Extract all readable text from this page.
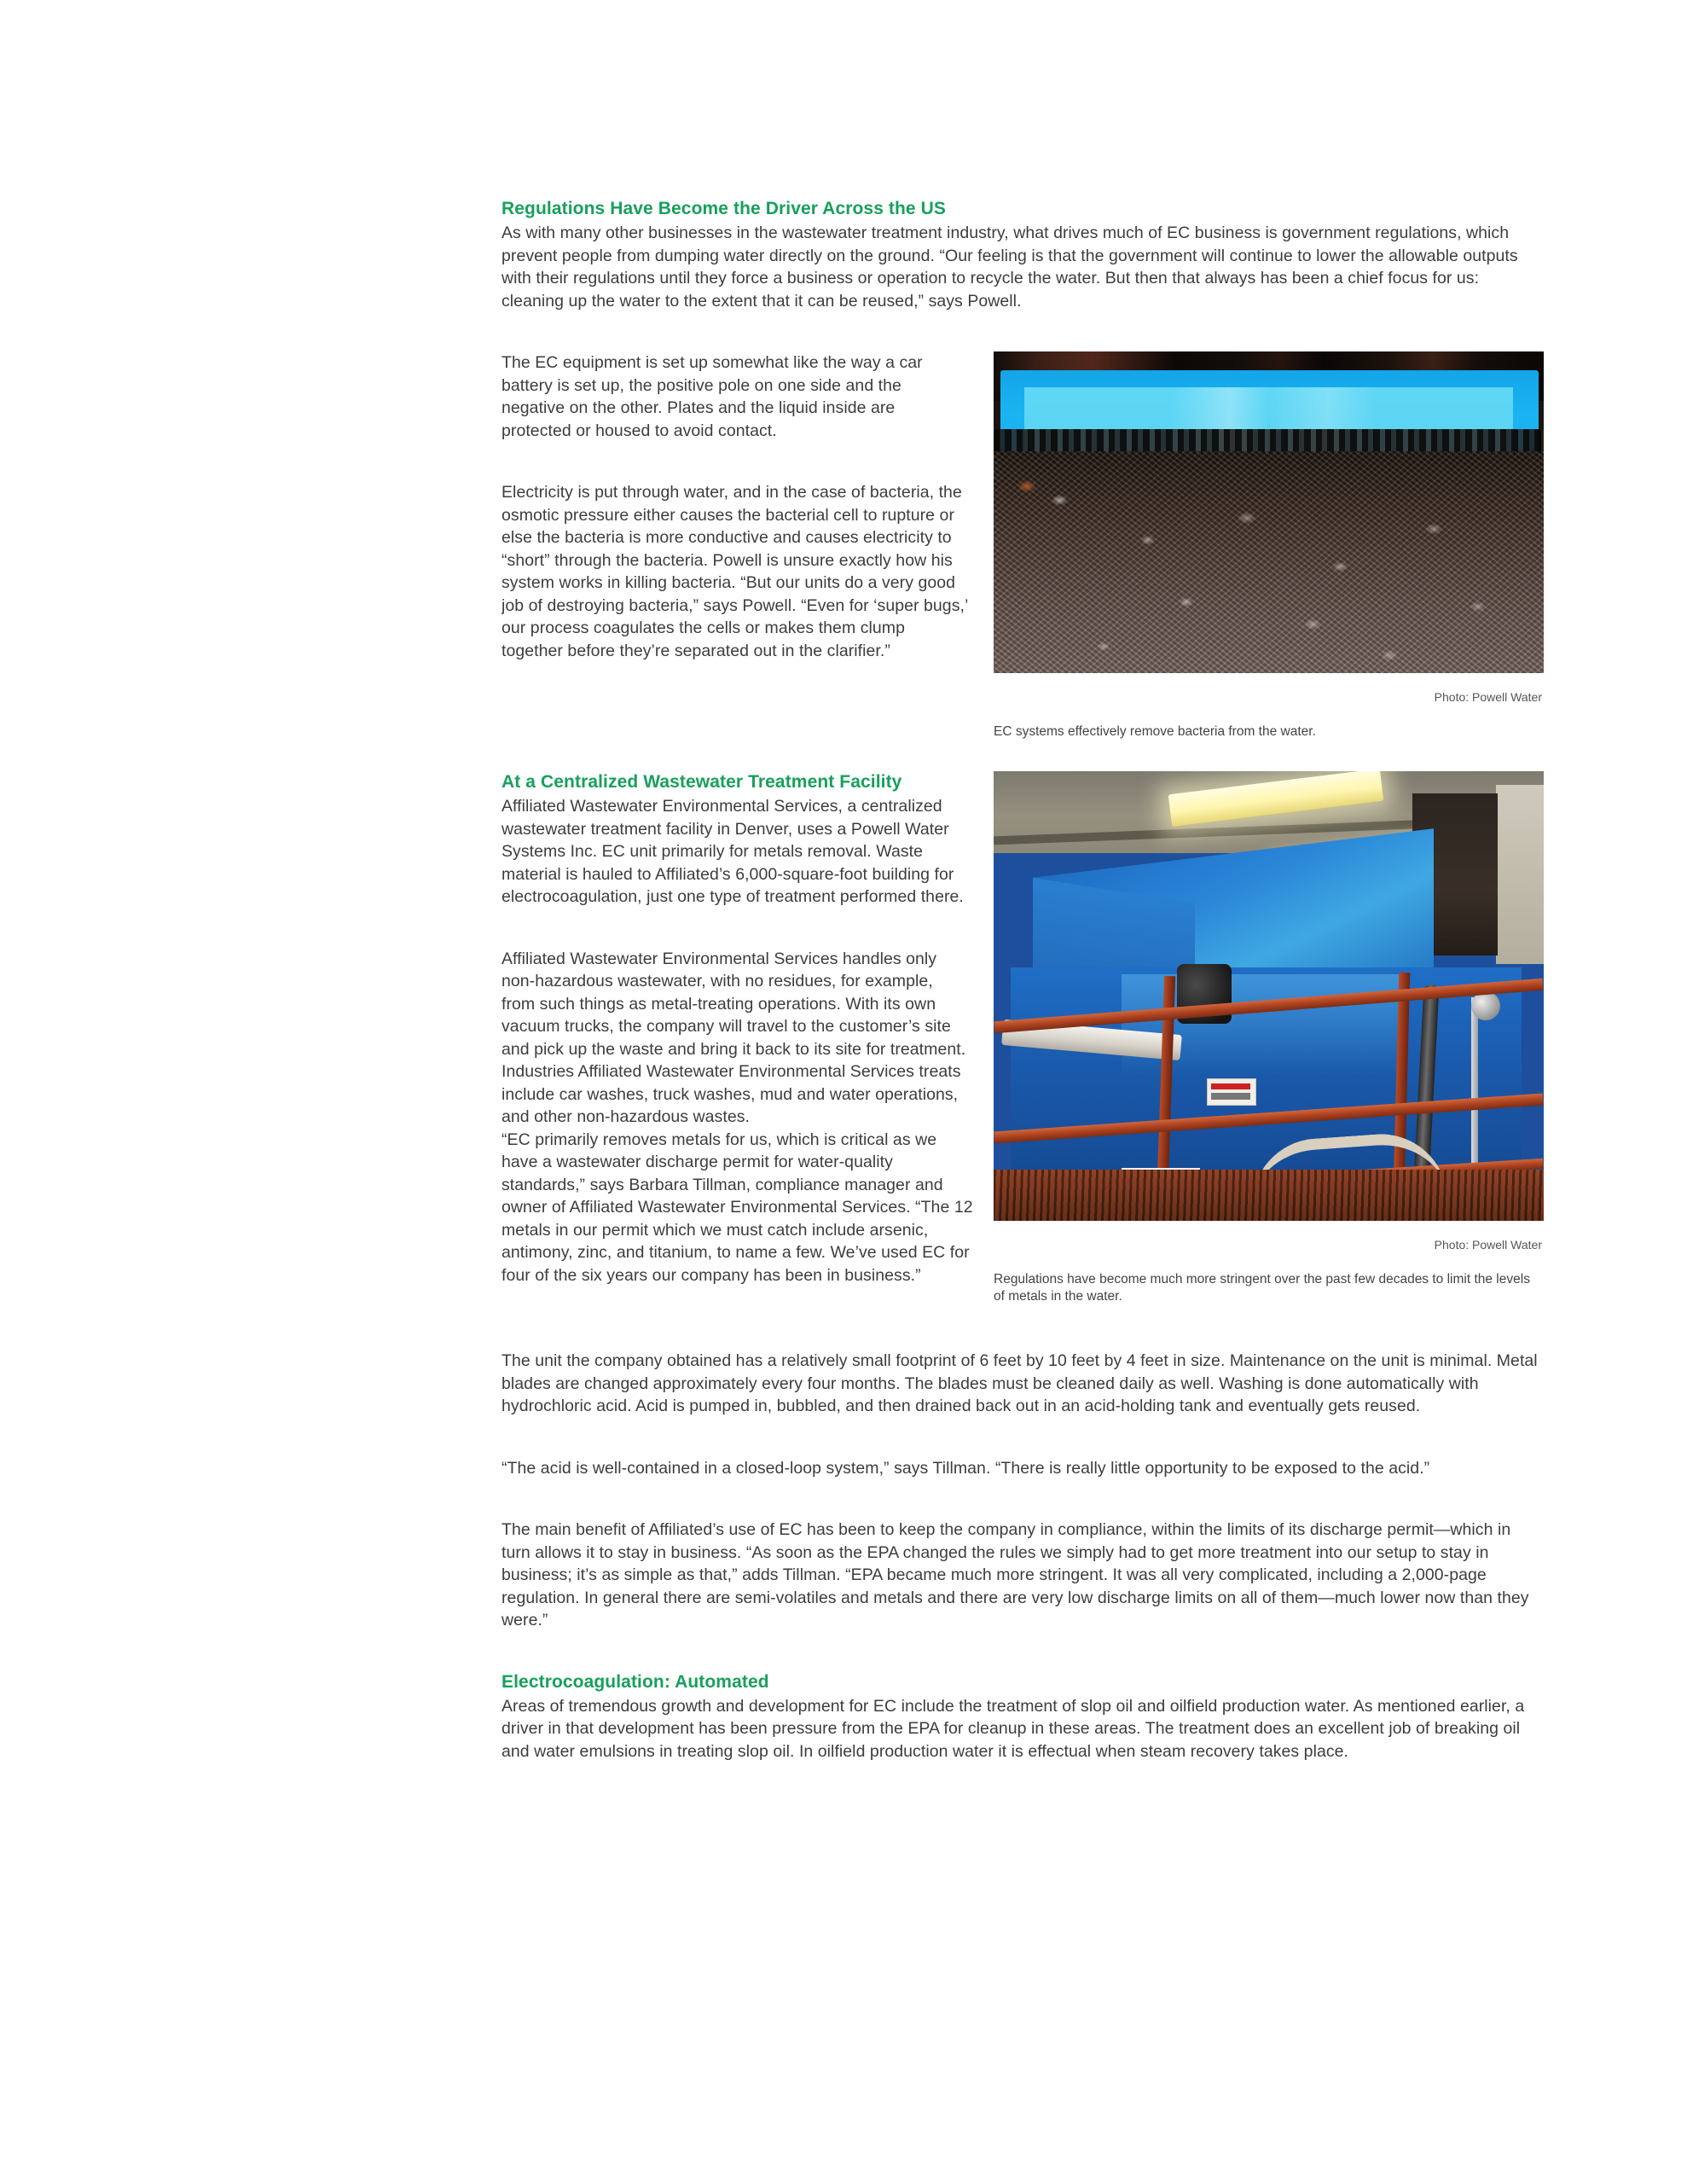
Regulations Have Become the Driver Across the US

As with many other businesses in the wastewater treatment industry, what drives much of EC business is government regulations, which prevent people from dumping water directly on the ground. “Our feeling is that the government will continue to lower the allowable outputs with their regulations until they force a business or operation to recycle the water. But then that always has been a chief focus for us: cleaning up the water to the extent that it can be reused,” says Powell.

Photo: Powell Water
EC systems effectively remove bacteria from the water.

The EC equipment is set up somewhat like the way a car battery is set up, the positive pole on one side and the negative on the other. Plates and the liquid inside are protected or housed to avoid contact.

Electricity is put through water, and in the case of bacteria, the osmotic pressure either causes the bacterial cell to rupture or else the bacteria is more conductive and causes electricity to “short” through the bacteria. Powell is unsure exactly how his system works in killing bacteria. “But our units do a very good job of destroying bacteria,” says Powell. “Even for ‘super bugs,’ our process coagulates the cells or makes them clump together before they’re separated out in the clarifier.”

Photo: Powell Water
Regulations have become much more stringent over the past few decades to limit the levels of metals in the water.
At a Centralized Wastewater Treatment Facility

Affiliated Wastewater Environmental Services, a centralized wastewater treatment facility in Denver, uses a Powell Water Systems Inc. EC unit primarily for metals removal. Waste material is hauled to Affiliated’s 6,000-square-foot building for electrocoagulation, just one type of treatment performed there.

Affiliated Wastewater Environmental Services handles only non-hazardous wastewater, with no residues, for example, from such things as metal-treating operations. With its own vacuum trucks, the company will travel to the customer’s site and pick up the waste and bring it back to its site for treatment. Industries Affiliated Wastewater Environmental Services treats include car washes, truck washes, mud and water operations, and other non-hazardous wastes.

“EC primarily removes metals for us, which is critical as we have a wastewater discharge permit for water-quality standards,” says Barbara Tillman, compliance manager and owner of Affiliated Wastewater Environmental Services. “The 12 metals in our permit which we must catch include arsenic, antimony, zinc, and titanium, to name a few. We’ve used EC for four of the six years our company has been in business.”

The unit the company obtained has a relatively small footprint of 6 feet by 10 feet by 4 feet in size. Maintenance on the unit is minimal. Metal blades are changed approximately every four months. The blades must be cleaned daily as well. Washing is done automatically with hydrochloric acid. Acid is pumped in, bubbled, and then drained back out in an acid-holding tank and eventually gets reused.

“The acid is well-contained in a closed-loop system,” says Tillman. “There is really little opportunity to be exposed to the acid.”

The main benefit of Affiliated’s use of EC has been to keep the company in compliance, within the limits of its discharge permit—which in turn allows it to stay in business. “As soon as the EPA changed the rules we simply had to get more treatment into our setup to stay in business; it’s as simple as that,” adds Tillman. “EPA became much more stringent. It was all very complicated, including a 2,000-page regulation. In general there are semi-volatiles and metals and there are very low discharge limits on all of them—much lower now than they were.”

Electrocoagulation: Automated

Areas of tremendous growth and development for EC include the treatment of slop oil and oilfield production water. As mentioned earlier, a driver in that development has been pressure from the EPA for cleanup in these areas. The treatment does an excellent job of breaking oil and water emulsions in treating slop oil. In oilfield production water it is effectual when steam recovery takes place.
